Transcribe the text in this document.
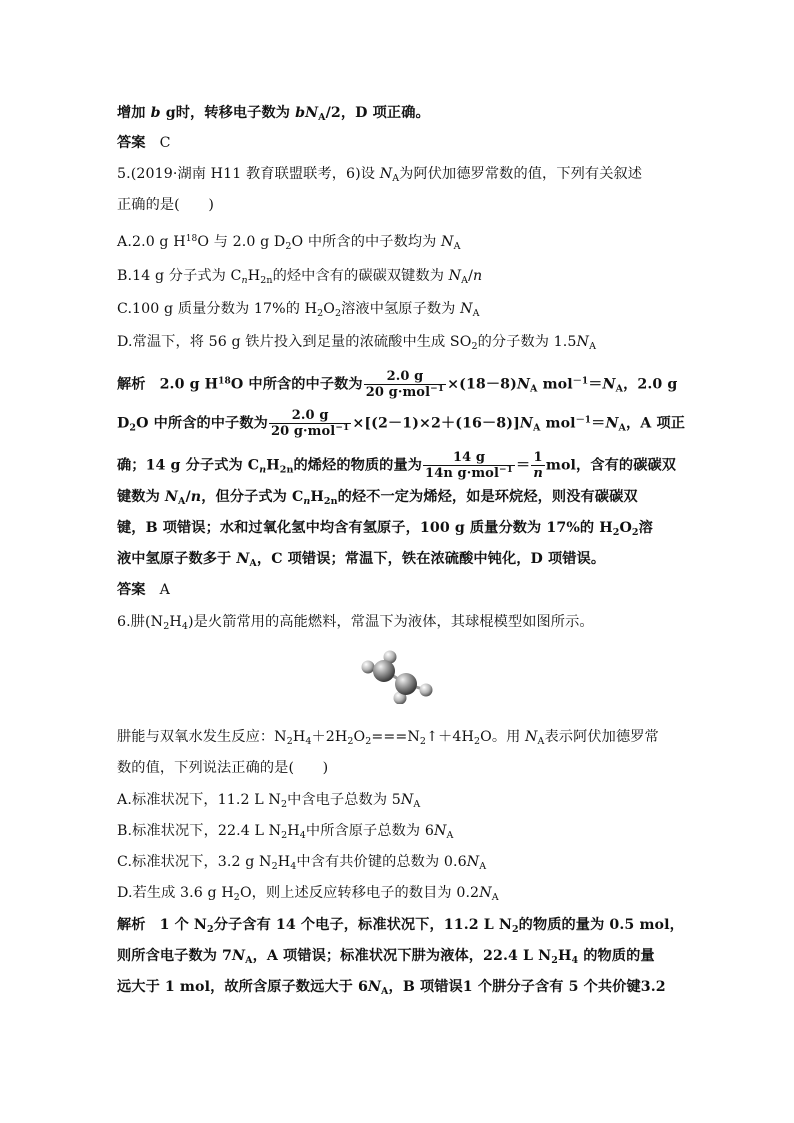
增加 b g时，转移电子数为 $bN_A/2$，D 项正确。
答案 C
5.(2019·湖南 H11 教育联盟联考，6)设 $N_A$为阿伏加德罗常数的值，下列有关叙述
正确的是(　　)
A.2.0 g $H^{18}O$ 与 2.0 g $D_2O$ 中所含的中子数均为 $N_A$
B.14 g 分子式为 $C_nH_{2n}$的烃中含有的碳碳双键数为 $N_A/n$
C.100 g 质量分数为 17%的 $H_2O_2$溶液中氢原子数为 $N_A$
D.常温下，将 56 g 铁片投入到足量的浓硫酸中生成 $SO_2$的分子数为 $1.5N_A$
解析 2.0 g $H^{18}O$ 中所含的中子数为 $\frac{2.0 g}{20 g\cdot mol^{-1}} \times(18-8)N_A$ $mol^{-1}=N_A$，2.0 g
$D_2O$ 中所含的中子数为 $\frac{2.0 g}{20 g\cdot mol^{-1}} \times[(2-1)\times 2+(16-8)]N_A$ $mol^{-1}=N_A$，A 项正
确；14 g 分子式为 $C_nH_{2n}$的烯烃的物质的量为 $\frac{14 g}{14n g\cdot mol^{-1}} = \frac{1}{n}$ mol，含有的碳碳双
键数为 $N_A/n$，但分子式为 $C_nH_{2n}$的烃不一定为烯烃，如是环烷烃，则没有碳碳双
键，B 项错误；水和过氧化氢中均含有氢原子，100 g 质量分数为 17%的 $H_2O_2$溶
液中氢原子数多于 $N_A$，C 项错误；常温下，铁在浓硫酸中钝化，D 项错误。
答案 A
6.肼$(N_2H_4)$是火箭常用的高能燃料，常温下为液体，其球棍模型如图所示。
肼能与双氧水发生反应：$N_2H_4+2H_2O_2===N_2↑+4H_2O$。用 $N_A$表示阿伏加德罗常
数的值，下列说法正确的是(　　)
A.标准状况下，11.2 L $N_2$中含电子总数为 $5N_A$
B.标准状况下，22.4 L $N_2H_4$中所含原子总数为 $6N_A$
C.标准状况下，3.2 g $N_2H_4$中含有共价键的总数为 $0.6N_A$
D.若生成 3.6 g $H_2O$，则上述反应转移电子的数目为 $0.2N_A$
解析 1 个 $N_2$分子含有 14 个电子，标准状况下，11.2 L $N_2$的物质的量为 0.5 mol，
则所含电子数为 $7N_A$，A 项错误；标准状况下肼为液体，22.4 L $N_2H_4$ 的物质的量
远大于 1 mol，故所含原子数远大于 $6N_A$，B 项错误1 个肼分子含有 5 个共价键3.2
